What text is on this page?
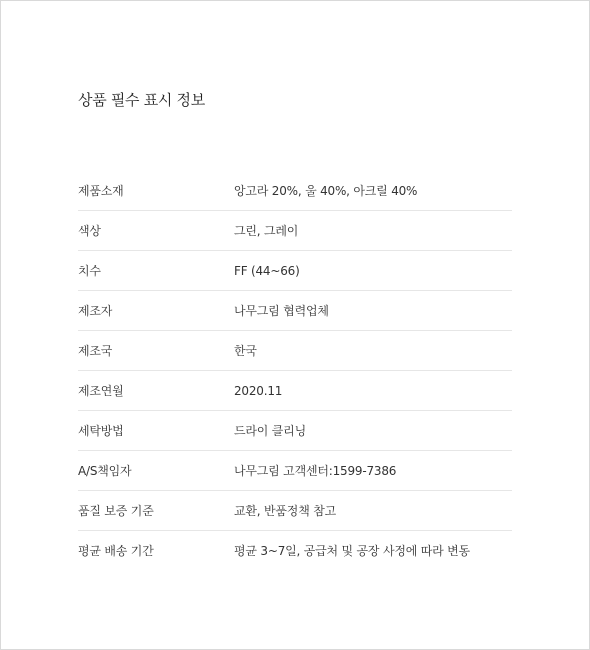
상품 필수 표시 정보
제품소재	앙고라 20%, 울 40%, 아크릴 40%
색상	그린, 그레이
치수	FF (44~66)
제조자	나무그림 협력업체
제조국	한국
제조연월	2020.11
세탁방법	드라이 클리닝
A/S책임자	나무그림 고객센터:1599-7386
품질 보증 기준	교환, 반품정책 참고
평균 배송 기간	평균 3~7일, 공급처 및 공장 사정에 따라 변동
